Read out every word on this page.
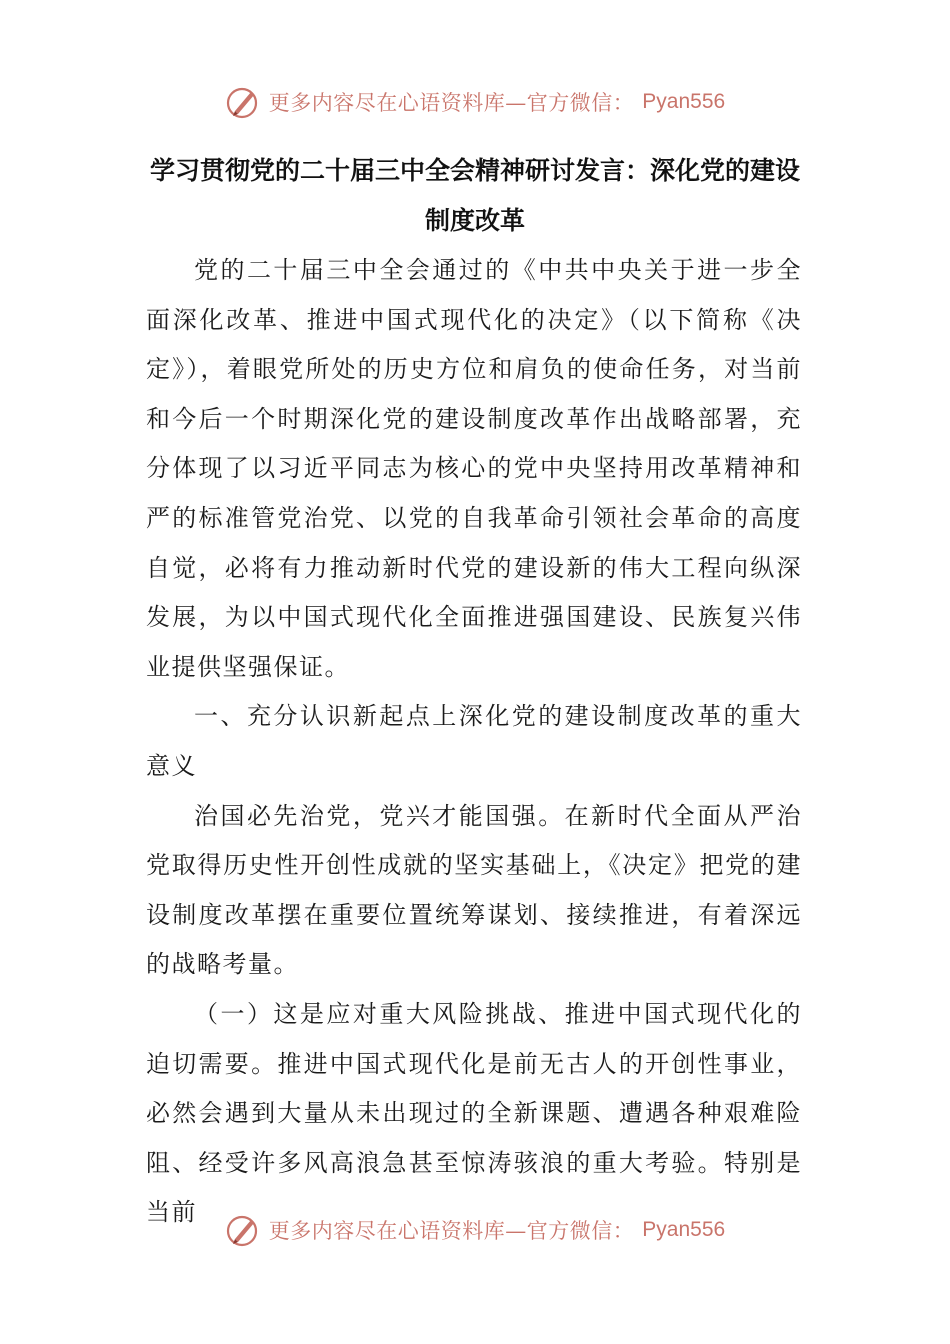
更多内容尽在心语资料库—官方微信： Pyan556
学习贯彻党的二十届三中全会精神研讨发言：深化党的建设制度改革

党的二十届三中全会通过的《中共中央关于进一步全面深化改革、推进中国式现代化的决定》（以下简称《决定》），着眼党所处的历史方位和肩负的使命任务，对当前和今后一个时期深化党的建设制度改革作出战略部署，充分体现了以习近平同志为核心的党中央坚持用改革精神和严的标准管党治党、以党的自我革命引领社会革命的高度自觉，必将有力推动新时代党的建设新的伟大工程向纵深发展，为以中国式现代化全面推进强国建设、民族复兴伟业提供坚强保证。

一、充分认识新起点上深化党的建设制度改革的重大意义

治国必先治党，党兴才能国强。在新时代全面从严治党取得历史性开创性成就的坚实基础上，《决定》把党的建设制度改革摆在重要位置统筹谋划、接续推进，有着深远的战略考量。

（一）这是应对重大风险挑战、推进中国式现代化的迫切需要。推进中国式现代化是前无古人的开创性事业，必然会遇到大量从未出现过的全新课题、遭遇各种艰难险阻、经受许多风高浪急甚至惊涛骇浪的重大考验。特别是当前

更多内容尽在心语资料库—官方微信： Pyan556
